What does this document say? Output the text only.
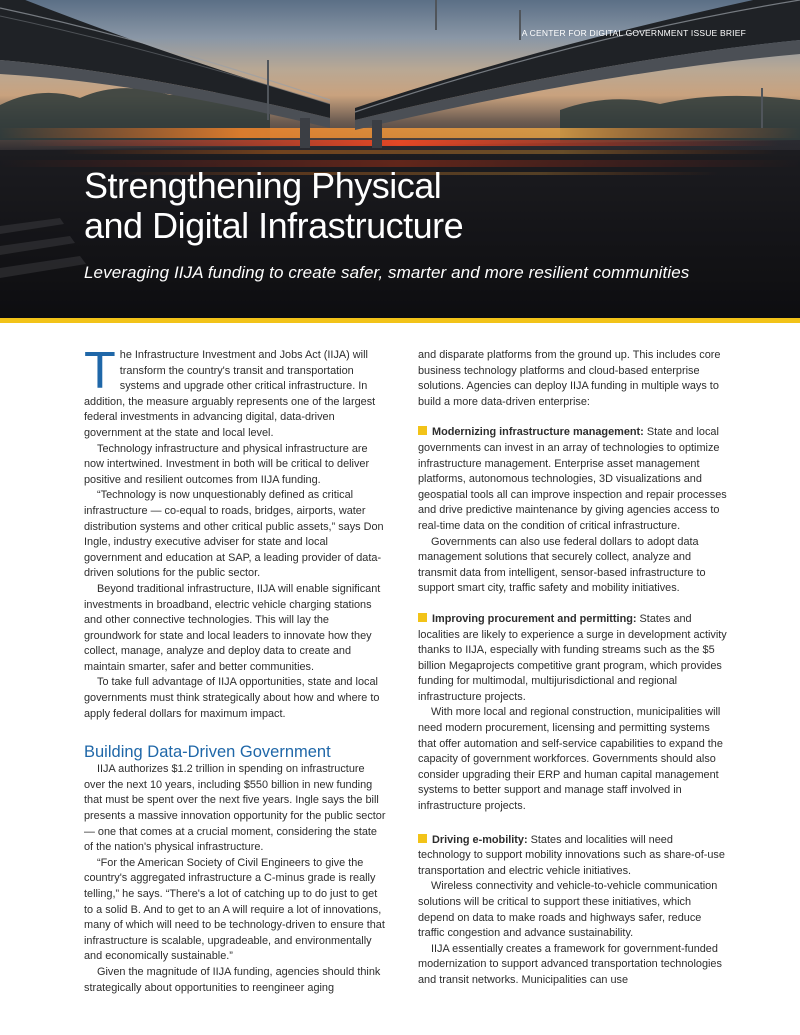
A CENTER FOR DIGITAL GOVERNMENT ISSUE BRIEF
Strengthening Physical
and Digital Infrastructure

Leveraging IIJA funding to create safer, smarter and more resilient communities

The Infrastructure Investment and Jobs Act (IIJA) will transform the country's transit and transportation systems and upgrade other critical infrastructure. In addition, the measure arguably represents one of the largest federal investments in advancing digital, data-driven government at the state and local level.

Technology infrastructure and physical infrastructure are now intertwined. Investment in both will be critical to deliver positive and resilient outcomes from IIJA funding.

“Technology is now unquestionably defined as critical infrastructure — co-equal to roads, bridges, airports, water distribution systems and other critical public assets,” says Don Ingle, industry executive adviser for state and local government and education at SAP, a leading provider of data-driven solutions for the public sector.

Beyond traditional infrastructure, IIJA will enable significant investments in broadband, electric vehicle charging stations and other connective technologies. This will lay the groundwork for state and local leaders to innovate how they collect, manage, analyze and deploy data to create and maintain smarter, safer and better communities.

To take full advantage of IIJA opportunities, state and local governments must think strategically about how and where to apply federal dollars for maximum impact.

Building Data-Driven Government

IIJA authorizes $1.2 trillion in spending on infrastructure over the next 10 years, including $550 billion in new funding that must be spent over the next five years. Ingle says the bill presents a massive innovation opportunity for the public sector — one that comes at a crucial moment, considering the state of the nation's physical infrastructure.

“For the American Society of Civil Engineers to give the country's aggregated infrastructure a C-minus grade is really telling,” he says. “There's a lot of catching up to do just to get to a solid B. And to get to an A will require a lot of innovations, many of which will need to be technology-driven to ensure that infrastructure is scalable, upgradeable, and environmentally and economically sustainable.”

Given the magnitude of IIJA funding, agencies should think strategically about opportunities to reengineer aging

and disparate platforms from the ground up. This includes core business technology platforms and cloud-based enterprise solutions. Agencies can deploy IIJA funding in multiple ways to build a more data-driven enterprise:

Modernizing infrastructure management: State and local governments can invest in an array of technologies to optimize infrastructure management. Enterprise asset management platforms, autonomous technologies, 3D visualizations and geospatial tools all can improve inspection and repair processes and drive predictive maintenance by giving agencies access to real-time data on the condition of critical infrastructure.

Governments can also use federal dollars to adopt data management solutions that securely collect, analyze and transmit data from intelligent, sensor-based infrastructure to support smart city, traffic safety and mobility initiatives.

Improving procurement and permitting: States and localities are likely to experience a surge in development activity thanks to IIJA, especially with funding streams such as the $5 billion Megaprojects competitive grant program, which provides funding for multimodal, multijurisdictional and regional infrastructure projects.

With more local and regional construction, municipalities will need modern procurement, licensing and permitting systems that offer automation and self-service capabilities to expand the capacity of government workforces. Governments should also consider upgrading their ERP and human capital management systems to better support and manage staff involved in infrastructure projects.

Driving e-mobility: States and localities will need technology to support mobility innovations such as share-of-use transportation and electric vehicle initiatives.

Wireless connectivity and vehicle-to-vehicle communication solutions will be critical to support these initiatives, which depend on data to make roads and highways safer, reduce traffic congestion and advance sustainability.

IIJA essentially creates a framework for government-funded modernization to support advanced transportation technologies and transit networks. Municipalities can use
